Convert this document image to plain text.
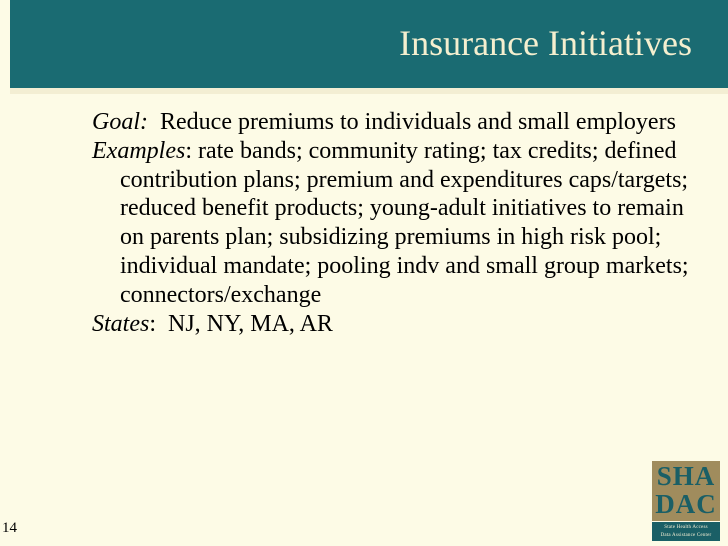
Insurance Initiatives

Goal:  Reduce premiums to individuals and small employers

Examples: rate bands; community rating; tax credits; defined contribution plans; premium and expenditures caps/targets; reduced benefit products; young-adult initiatives to remain on parents plan; subsidizing premiums in high risk pool; individual mandate; pooling indv and small group markets; connectors/exchange

States:  NJ, NY, MA, AR

14
SHA
DAC
State Health Access
Data Assistance Center
